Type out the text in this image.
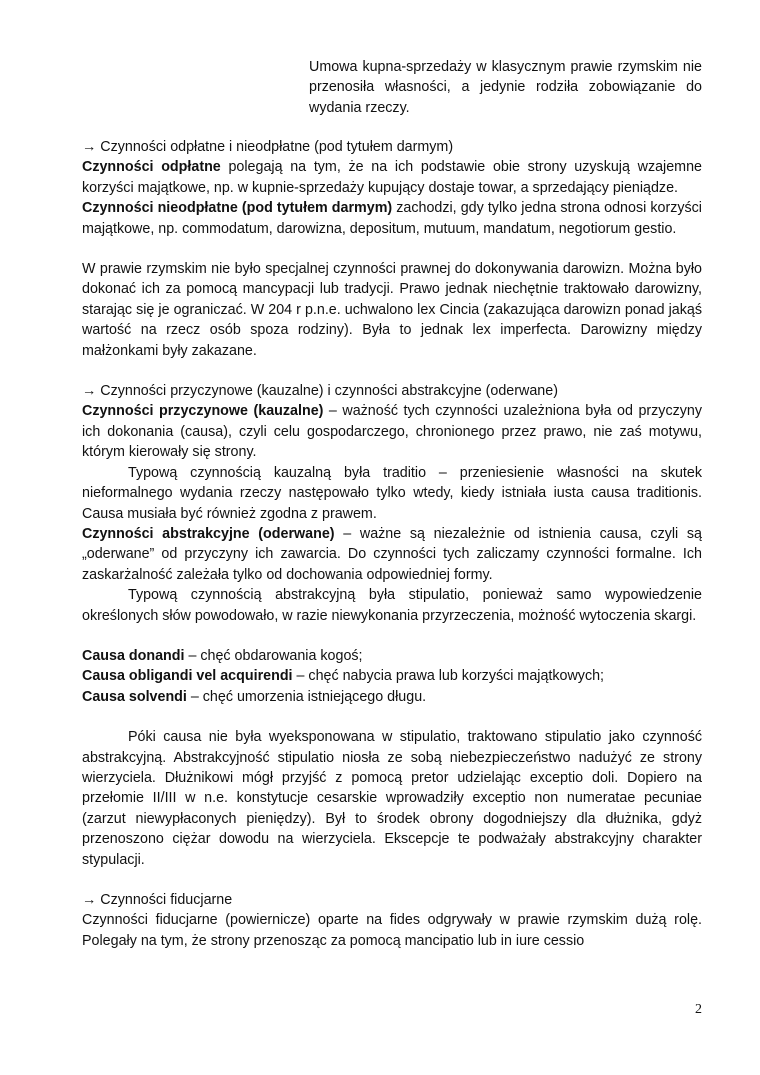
Umowa kupna-sprzedaży w klasycznym prawie rzymskim nie przenosiła własności, a jedynie rodziła zobowiązanie do wydania rzeczy.

→ Czynności odpłatne i nieodpłatne (pod tytułem darmym)

Czynności odpłatne polegają na tym, że na ich podstawie obie strony uzyskują wzajemne korzyści majątkowe, np. w kupnie-sprzedaży kupujący dostaje towar, a sprzedający pieniądze.

Czynności nieodpłatne (pod tytułem darmym) zachodzi, gdy tylko jedna strona odnosi korzyści majątkowe, np. commodatum, darowizna, depositum, mutuum, mandatum, negotiorum gestio.

W prawie rzymskim nie było specjalnej czynności prawnej do dokonywania darowizn. Można było dokonać ich za pomocą mancypacji lub tradycji. Prawo jednak niechętnie traktowało darowizny, starając się je ograniczać. W 204 r p.n.e. uchwalono lex Cincia (zakazująca darowizn ponad jakąś wartość na rzecz osób spoza rodziny). Była to jednak lex imperfecta. Darowizny między małżonkami były zakazane.

→ Czynności przyczynowe (kauzalne) i czynności abstrakcyjne (oderwane)

Czynności przyczynowe (kauzalne) – ważność tych czynności uzależniona była od przyczyny ich dokonania (causa), czyli celu gospodarczego, chronionego przez prawo, nie zaś motywu, którym kierowały się strony.

Typową czynnością kauzalną była traditio – przeniesienie własności na skutek nieformalnego wydania rzeczy następowało tylko wtedy, kiedy istniała iusta causa traditionis. Causa musiała być również zgodna z prawem.

Czynności abstrakcyjne (oderwane) – ważne są niezależnie od istnienia causa, czyli są „oderwane” od przyczyny ich zawarcia. Do czynności tych zaliczamy czynności formalne. Ich zaskarżalność zależała tylko od dochowania odpowiedniej formy.

Typową czynnością abstrakcyjną była stipulatio, ponieważ samo wypowiedzenie określonych słów powodowało, w razie niewykonania przyrzeczenia, możność wytoczenia skargi.

Causa donandi – chęć obdarowania kogoś;

Causa obligandi vel acquirendi – chęć nabycia prawa lub korzyści majątkowych;

Causa solvendi – chęć umorzenia istniejącego długu.

Póki causa nie była wyeksponowana w stipulatio, traktowano stipulatio jako czynność abstrakcyjną. Abstrakcyjność stipulatio niosła ze sobą niebezpieczeństwo nadużyć ze strony wierzyciela. Dłużnikowi mógł przyjść z pomocą pretor udzielając exceptio doli. Dopiero na przełomie II/III w n.e. konstytucje cesarskie wprowadziły exceptio non numeratae pecuniae (zarzut niewypłaconych pieniędzy). Był to środek obrony dogodniejszy dla dłużnika, gdyż przenoszono ciężar dowodu na wierzyciela. Ekscepcje te podważały abstrakcyjny charakter stypulacji.

→ Czynności fiducjarne

Czynności fiducjarne (powiernicze) oparte na fides odgrywały w prawie rzymskim dużą rolę. Polegały na tym, że strony przenosząc za pomocą mancipatio lub in iure cessio

2
